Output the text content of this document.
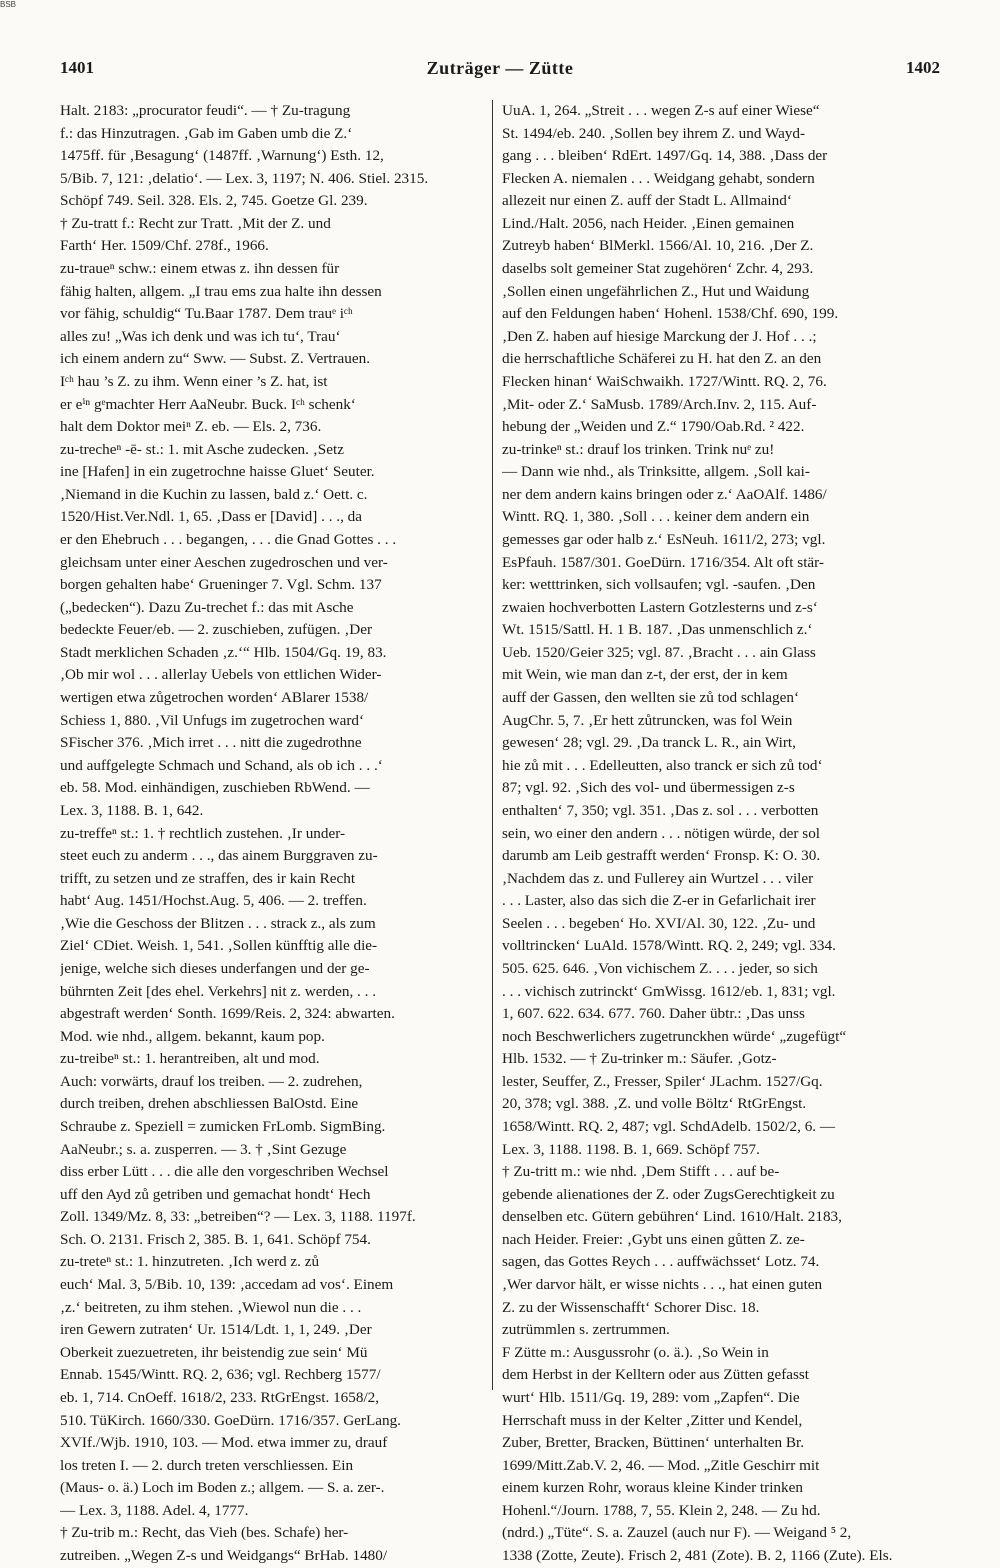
BSB
1401	Zuträger — Zütte	1402
Halt. 2183: „procurator feudi“. — † Zu-tragung
f.: das Hinzutragen. ‚Gab im Gaben umb die Z.‘
1475ff. für ‚Besagung‘ (1487ff. ‚Warnung‘) Esth. 12,
5/Bib. 7, 121: ‚delatio‘. — Lex. 3, 1197; N. 406. Stiel. 2315.
Schöpf 749. Seil. 328. Els. 2, 745. Goetze Gl. 239.
† Zu-tratt f.: Recht zur Tratt. ‚Mit der Z. und
Farth‘ Her. 1509/Chf. 278f., 1966.
zu-traueⁿ schw.: einem etwas z. ihn dessen für
fähig halten, allgem. „I trau ems zua halte ihn dessen
vor fähig, schuldig“ Tu.Baar 1787. Dem trauᵉ iᶜʰ
alles zu! „Was ich denk und was ich tu‘, Trau‘
ich einem andern zu“ Sww. — Subst. Z. Vertrauen.
Iᶜʰ hau ’s Z. zu ihm. Wenn einer ’s Z. hat, ist
er eⁱⁿ gᵉmachter Herr AaNeubr. Buck. Iᶜʰ schenk‘
halt dem Doktor meiⁿ Z. eb. — Els. 2, 736.
zu-trecheⁿ -ē- st.: 1. mit Asche zudecken. ‚Setz
ine [Hafen] in ein zugetrochne haisse Gluet‘ Seuter.
‚Niemand in die Kuchin zu lassen, bald z.‘ Oett. c.
1520/Hist.Ver.Ndl. 1, 65. ‚Dass er [David] . . ., da
er den Ehebruch . . . begangen, . . . die Gnad Gottes . . .
gleichsam unter einer Aeschen zugedroschen und ver-
borgen gehalten habe‘ Grueninger 7. Vgl. Schm. 137
(„bedecken“). Dazu Zu-trechet f.: das mit Asche
bedeckte Feuer/eb. — 2. zuschieben, zufügen. ‚Der
Stadt merklichen Schaden ‚z.‘“ Hlb. 1504/Gq. 19, 83.
‚Ob mir wol . . . allerlay Uebels von ettlichen Wider-
wertigen etwa zůgetrochen worden‘ ABlarer 1538/
Schiess 1, 880. ‚Vil Unfugs im zugetrochen ward‘
SFischer 376. ‚Mich irret . . . nitt die zugedrothne
und auffgelegte Schmach und Schand, als ob ich . . .‘
eb. 58. Mod. einhändigen, zuschieben RbWend. —
Lex. 3, 1188. B. 1, 642.
zu-treffeⁿ st.: 1. † rechtlich zustehen. ‚Ir under-
steet euch zu anderm . . ., das ainem Burggraven zu-
trifft, zu setzen und ze straffen, des ir kain Recht
habt‘ Aug. 1451/Hochst.Aug. 5, 406. — 2. treffen.
‚Wie die Geschoss der Blitzen . . . strack z., als zum
Ziel‘ CDiet. Weish. 1, 541. ‚Sollen künfftig alle die-
jenige, welche sich dieses underfangen und der ge-
bührnten Zeit [des ehel. Verkehrs] nit z. werden, . . .
abgestraft werden‘ Sonth. 1699/Reis. 2, 324: abwarten.
Mod. wie nhd., allgem. bekannt, kaum pop.
zu-treibeⁿ st.: 1. herantreiben, alt und mod.
Auch: vorwärts, drauf los treiben. — 2. zudrehen,
durch treiben, drehen abschliessen BalOstd. Eine
Schraube z. Speziell = zumicken FrLomb. SigmBing.
AaNeubr.; s. a. zusperren. — 3. † ‚Sint Gezuge
diss erber Lütt . . . die alle den vorgeschriben Wechsel
uff den Ayd zů getriben und gemachat hondt‘ Hech
Zoll. 1349/Mz. 8, 33: „betreiben“? — Lex. 3, 1188. 1197f.
Sch. O. 2131. Frisch 2, 385. B. 1, 641. Schöpf 754.
zu-treteⁿ st.: 1. hinzutreten. ‚Ich werd z. zů
euch‘ Mal. 3, 5/Bib. 10, 139: ‚accedam ad vos‘. Einem
‚z.‘ beitreten, zu ihm stehen. ‚Wiewol nun die . . .
iren Gewern zutraten‘ Ur. 1514/Ldt. 1, 1, 249. ‚Der
Oberkeit zuezuetreten, ihr beistendig zue sein‘ Mü
Ennab. 1545/Wintt. RQ. 2, 636; vgl. Rechberg 1577/
eb. 1, 714. CnOeff. 1618/2, 233. RtGrEngst. 1658/2,
510. TüKirch. 1660/330. GoeDürn. 1716/357. GerLang.
XVIf./Wjb. 1910, 103. — Mod. etwa immer zu, drauf
los treten I. — 2. durch treten verschliessen. Ein
(Maus- o. ä.) Loch im Boden z.; allgem. — S. a. zer-.
— Lex. 3, 1188. Adel. 4, 1777.
† Zu-trib m.: Recht, das Vieh (bes. Schafe) her-
zutreiben. „Wegen Z-s und Weidgangs“ BrHab. 1480/
UuA. 1, 264. „Streit . . . wegen Z-s auf einer Wiese“
St. 1494/eb. 240. ‚Sollen bey ihrem Z. und Wayd-
gang . . . bleiben‘ RdErt. 1497/Gq. 14, 388. ‚Dass der
Flecken A. niemalen . . . Weidgang gehabt, sondern
allezeit nur einen Z. auff der Stadt L. Allmaind‘
Lind./Halt. 2056, nach Heider. ‚Einen gemainen
Zutreyb haben‘ BlMerkl. 1566/Al. 10, 216. ‚Der Z.
daselbs solt gemeiner Stat zugehören‘ Zchr. 4, 293.
‚Sollen einen ungefährlichen Z., Hut und Waidung
auf den Feldungen haben‘ Hohenl. 1538/Chf. 690, 199.
‚Den Z. haben auf hiesige Marckung der J. Hof . . .;
die herrschaftliche Schäferei zu H. hat den Z. an den
Flecken hinan‘ WaiSchwaikh. 1727/Wintt. RQ. 2, 76.
‚Mit- oder Z.‘ SaMusb. 1789/Arch.Inv. 2, 115. Auf-
hebung der „Weiden und Z.“ 1790/Oab.Rd. ² 422.
zu-trinkeⁿ st.: drauf los trinken. Trink nuᵉ zu!
— Dann wie nhd., als Trinksitte, allgem. ‚Soll kai-
ner dem andern kains bringen oder z.‘ AaOAlf. 1486/
Wintt. RQ. 1, 380. ‚Soll . . . keiner dem andern ein
gemesses gar oder halb z.‘ EsNeuh. 1611/2, 273; vgl.
EsPfauh. 1587/301. GoeDürn. 1716/354. Alt oft stär-
ker: wetttrinken, sich vollsaufen; vgl. -saufen. ‚Den
zwaien hochverbotten Lastern Gotzlesterns und z-s‘
Wt. 1515/Sattl. H. 1 B. 187. ‚Das unmenschlich z.‘
Ueb. 1520/Geier 325; vgl. 87. ‚Bracht . . . ain Glass
mit Wein, wie man dan z-t, der erst, der in kem
auff der Gassen, den wellten sie zů tod schlagen‘
AugChr. 5, 7. ‚Er hett zůtruncken, was fol Wein
gewesen‘ 28; vgl. 29. ‚Da tranck L. R., ain Wirt,
hie zů mit . . . Edelleutten, also tranck er sich zů tod‘
87; vgl. 92. ‚Sich des vol- und übermessigen z-s
enthalten‘ 7, 350; vgl. 351. ‚Das z. sol . . . verbotten
sein, wo einer den andern . . . nötigen würde, der sol
darumb am Leib gestrafft werden‘ Fronsp. K: O. 30.
‚Nachdem das z. und Fullerey ain Wurtzel . . . viler
. . . Laster, also das sich die Z-er in Gefarlichait irer
Seelen . . . begeben‘ Ho. XVI/Al. 30, 122. ‚Zu- und
volltrincken‘ LuAld. 1578/Wintt. RQ. 2, 249; vgl. 334.
505. 625. 646. ‚Von vichischem Z. . . . jeder, so sich
. . . vichisch zutrinckt‘ GmWissg. 1612/eb. 1, 831; vgl.
1, 607. 622. 634. 677. 760. Daher übtr.: ‚Das unss
noch Beschwerlichers zugetrunckhen würde‘ „zugefügt“
Hlb. 1532. — † Zu-trinker m.: Säufer. ‚Gotz-
lester, Seuffer, Z., Fresser, Spiler‘ JLachm. 1527/Gq.
20, 378; vgl. 388. ‚Z. und volle Böltz‘ RtGrEngst.
1658/Wintt. RQ. 2, 487; vgl. SchdAdelb. 1502/2, 6. —
Lex. 3, 1188. 1198. B. 1, 669. Schöpf 757.
† Zu-tritt m.: wie nhd. ‚Dem Stifft . . . auf be-
gebende alienationes der Z. oder ZugsGerechtigkeit zu
denselben etc. Gütern gebühren‘ Lind. 1610/Halt. 2183,
nach Heider. Freier: ‚Gybt uns einen gůtten Z. ze-
sagen, das Gottes Reych . . . auffwächsset‘ Lotz. 74.
‚Wer darvor hält, er wisse nichts . . ., hat einen guten
Z. zu der Wissenschafft‘ Schorer Disc. 18.
zutrümmlen s. zertrummen.
F Zütte m.: Ausgussrohr (o. ä.). ‚So Wein in
dem Herbst in der Kelltern oder aus Zütten gefasst
wurt‘ Hlb. 1511/Gq. 19, 289: vom „Zapfen“. Die
Herrschaft muss in der Kelter ‚Zitter und Kendel,
Zuber, Bretter, Bracken, Büttinen‘ unterhalten Br.
1699/Mitt.Zab.V. 2, 46. — Mod. „Zitle Geschirr mit
einem kurzen Rohr, woraus kleine Kinder trinken
Hohenl.“/Journ. 1788, 7, 55. Klein 2, 248. — Zu hd.
(ndrd.) „Tüte“. S. a. Zauzel (auch nur F). — Weigand ⁵ 2,
1338 (Zotte, Zeute). Frisch 2, 481 (Zote). B. 2, 1166 (Zute). Els.
